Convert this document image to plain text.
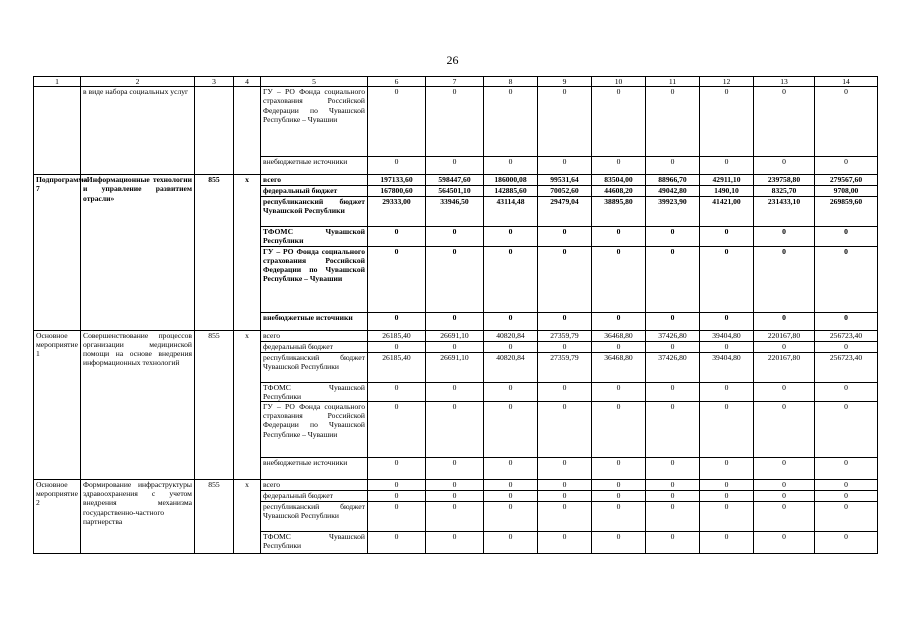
26
1	2	3	4	5	6	7	8	9	10	11	12	13	14
	в виде набора социальных услуг			ГУ – РО Фонда социального страхования Российской Федерации по Чувашской Республике – Чувашии	0	0	0	0	0	0	0	0	0
				внебюджетные источники	0	0	0	0	0	0	0	0	0
Подпрограмма 7	«Информационные технологии и управление развитием отрасли»	855	x	всего	197133,60	598447,60	186000,08	99531,64	83504,00	88966,70	42911,10	239758,80	279567,60
				федеральный бюджет	167800,60	564501,10	142885,60	70052,60	44608,20	49042,80	1490,10	8325,70	9708,00
				республиканский бюджет Чувашской Республики	29333,00	33946,50	43114,48	29479,04	38895,80	39923,90	41421,00	231433,10	269859,60
				ТФОМС Чувашской Республики	0	0	0	0	0	0	0	0	0
				ГУ – РО Фонда социального страхования Российской Федерации по Чувашской Республике – Чувашии	0	0	0	0	0	0	0	0	0
				внебюджетные источники	0	0	0	0	0	0	0	0	0
Основное мероприятие 1	Совершенствование процессов организации медицинской помощи на основе внедрения информационных технологий	855	x	всего	26185,40	26691,10	40820,84	27359,79	36468,80	37426,80	39404,80	220167,80	256723,40
				федеральный бюджет	0	0	0	0	0	0	0	0	0
				республиканский бюджет Чувашской Республики	26185,40	26691,10	40820,84	27359,79	36468,80	37426,80	39404,80	220167,80	256723,40
				ТФОМС Чувашской Республики	0	0	0	0	0	0	0	0	0
				ГУ – РО Фонда социального страхования Российской Федерации по Чувашской Республике – Чувашии	0	0	0	0	0	0	0	0	0
				внебюджетные источники	0	0	0	0	0	0	0	0	0
Основное мероприятие 2	Формирование инфраструктуры здравоохранения с учетом внедрения механизма государственно-частного партнерства	855	x	всего	0	0	0	0	0	0	0	0	0
				федеральный бюджет	0	0	0	0	0	0	0	0	0
				республиканский бюджет Чувашской Республики	0	0	0	0	0	0	0	0	0
				ТФОМС Чувашской Республики	0	0	0	0	0	0	0	0	0
